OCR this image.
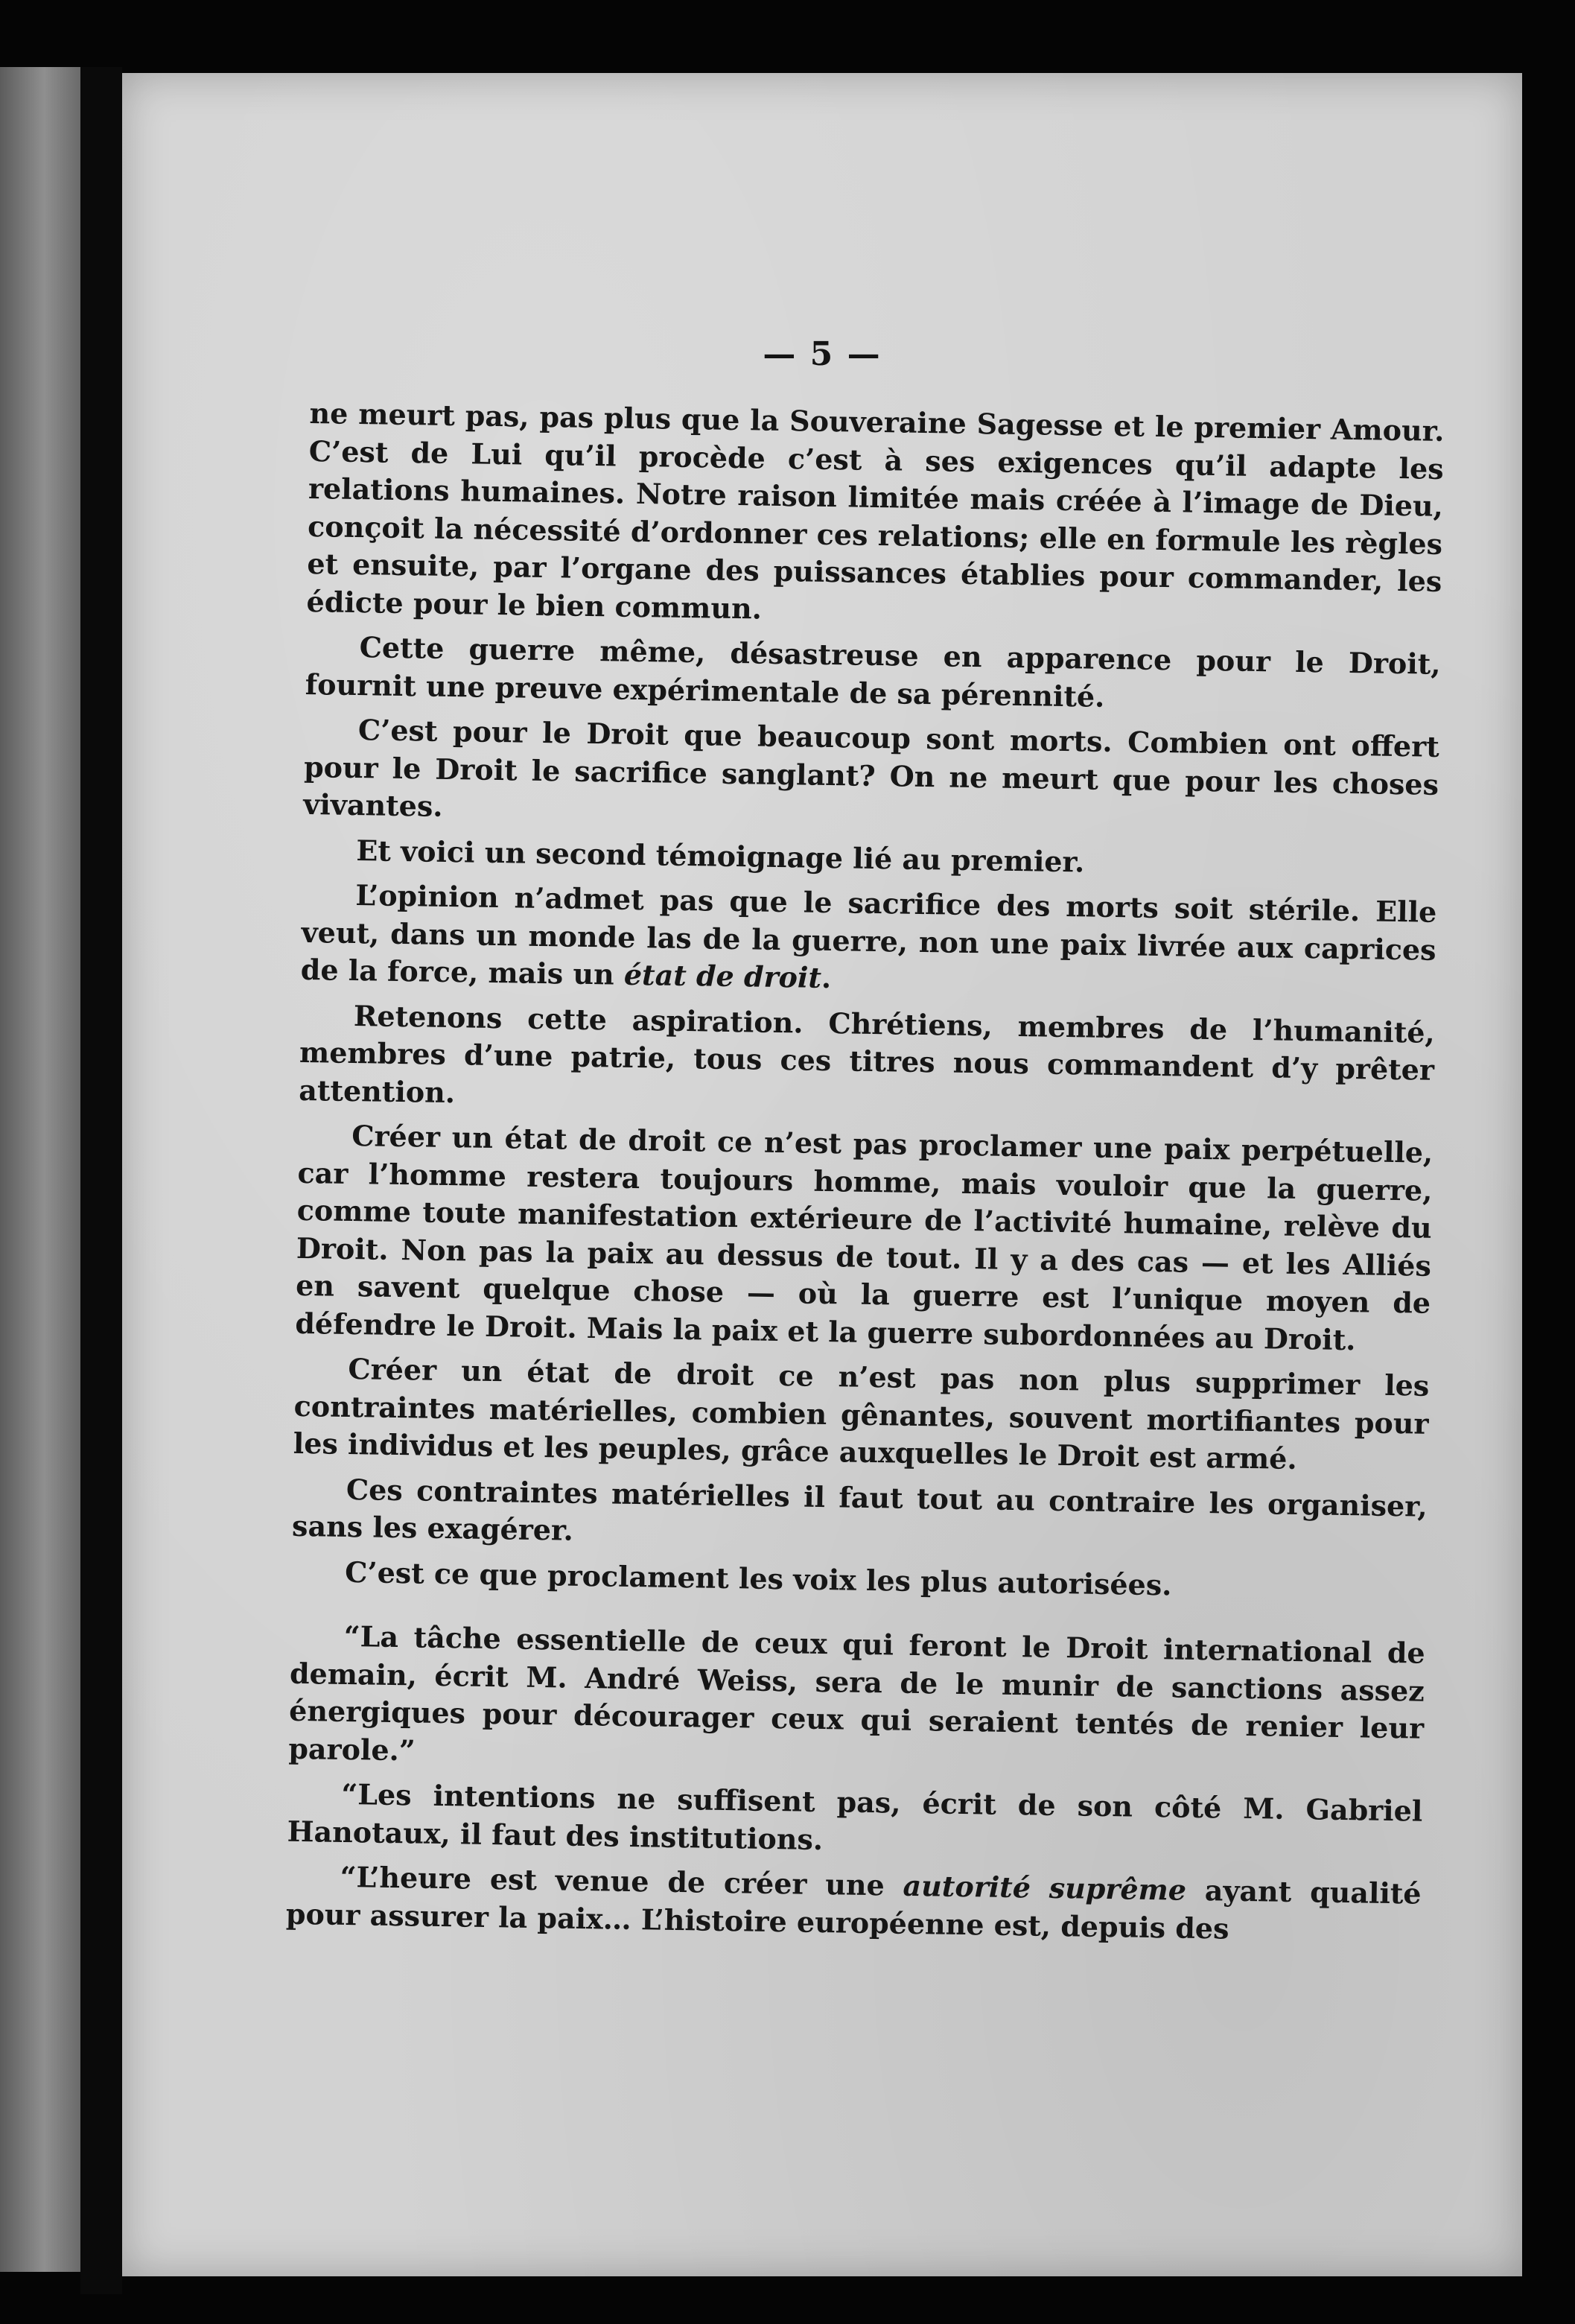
— 5 —

ne meurt pas, pas plus que la Souveraine Sagesse et le premier Amour. C’est de Lui qu’il procède c’est à ses exigences qu’il adapte les relations humaines. Notre raison limitée mais créée à l’image de Dieu, conçoit la nécessité d’ordonner ces relations; elle en formule les règles et ensuite, par l’organe des puissances établies pour commander, les édicte pour le bien commun.

Cette guerre même, désastreuse en apparence pour le Droit, fournit une preuve expérimentale de sa pérennité.

C’est pour le Droit que beaucoup sont morts. Combien ont offert pour le Droit le sacrifice sanglant? On ne meurt que pour les choses vivantes.

Et voici un second témoignage lié au premier.

L’opinion n’admet pas que le sacrifice des morts soit stérile. Elle veut, dans un monde las de la guerre, non une paix livrée aux caprices de la force, mais un état de droit.

Retenons cette aspiration. Chrétiens, membres de l’humanité, membres d’une patrie, tous ces titres nous commandent d’y prêter attention.

Créer un état de droit ce n’est pas proclamer une paix perpétuelle, car l’homme restera toujours homme, mais vouloir que la guerre, comme toute manifestation extérieure de l’activité humaine, relève du Droit. Non pas la paix au dessus de tout. Il y a des cas — et les Alliés en savent quelque chose — où la guerre est l’unique moyen de défendre le Droit. Mais la paix et la guerre subordonnées au Droit.

Créer un état de droit ce n’est pas non plus supprimer les contraintes matérielles, combien gênantes, souvent mortifiantes pour les individus et les peuples, grâce auxquelles le Droit est armé.

Ces contraintes matérielles il faut tout au contraire les organiser, sans les exagérer.

C’est ce que proclament les voix les plus autorisées.

“La tâche essentielle de ceux qui feront le Droit international de demain, écrit M. André Weiss, sera de le munir de sanctions assez énergiques pour décourager ceux qui seraient tentés de renier leur parole.”

“Les intentions ne suffisent pas, écrit de son côté M. Gabriel Hanotaux, il faut des institutions.

“L’heure est venue de créer une autorité suprême ayant qualité pour assurer la paix… L’histoire européenne est, depuis des
